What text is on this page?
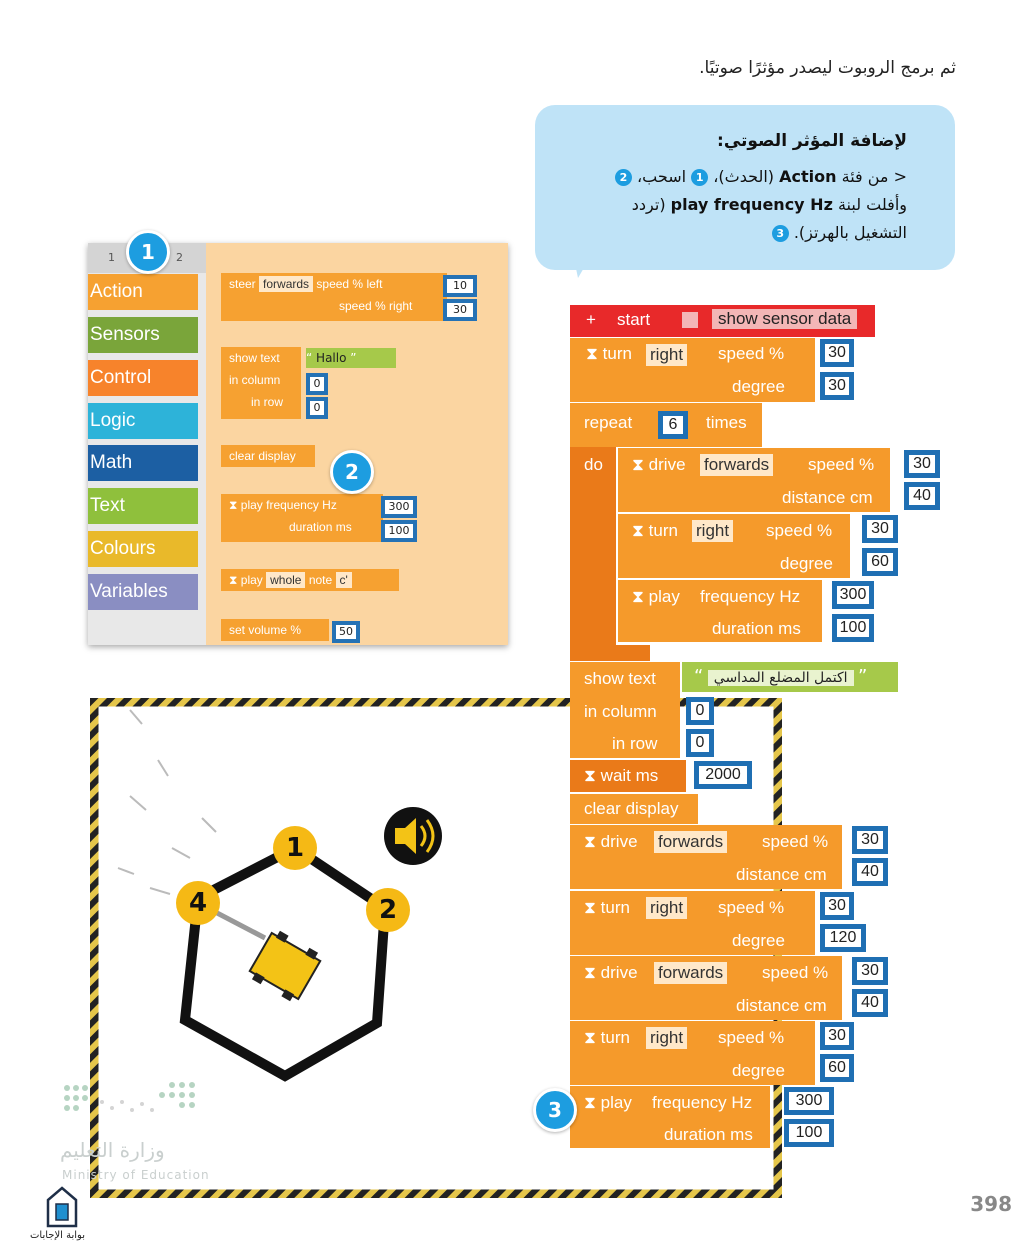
ثم برمج الروبوت ليصدر مؤثرًا صوتيًا.
لإضافة المؤثر الصوتي:
< من فئة Action (الحدث)، 1 اسحب، 2
وأفلت لبنة play frequency Hz (تردد
التشغيل بالهرتز). 3
1	2
Action
Sensors
Control
Logic
Math
Text
Colours
Variables
steer forwards speed % left
speed % right
10
30
show text
in column
in row
“ Hallo ”
0
0
clear display
⧗ play frequency Hz
duration ms
300
100
⧗ play whole note c'
set volume %	50
1
2
1
2
4
+ start	show sensor data
⧗ turn right speed %
degree
30
30
repeat	times
6
do ⧗ drive forwards speed %
distance cm
30
40
⧗ turn right speed %
degree
30
60
⧗ play frequency Hz
duration ms
300
100
show text
in column
in row
“ اكتمل المضلع المداسي ”
0
0
⧗ wait ms	2000
clear display
⧗ drive forwards speed %
distance cm
30
40
⧗ turn right speed %
degree
30
120
⧗ drive forwards speed %
distance cm
30
40
⧗ turn right speed %
degree
30
60
⧗ play frequency Hz
duration ms
300
100
3
وزارة التعليم
Ministry of Education
بوابة الإجابات
398
